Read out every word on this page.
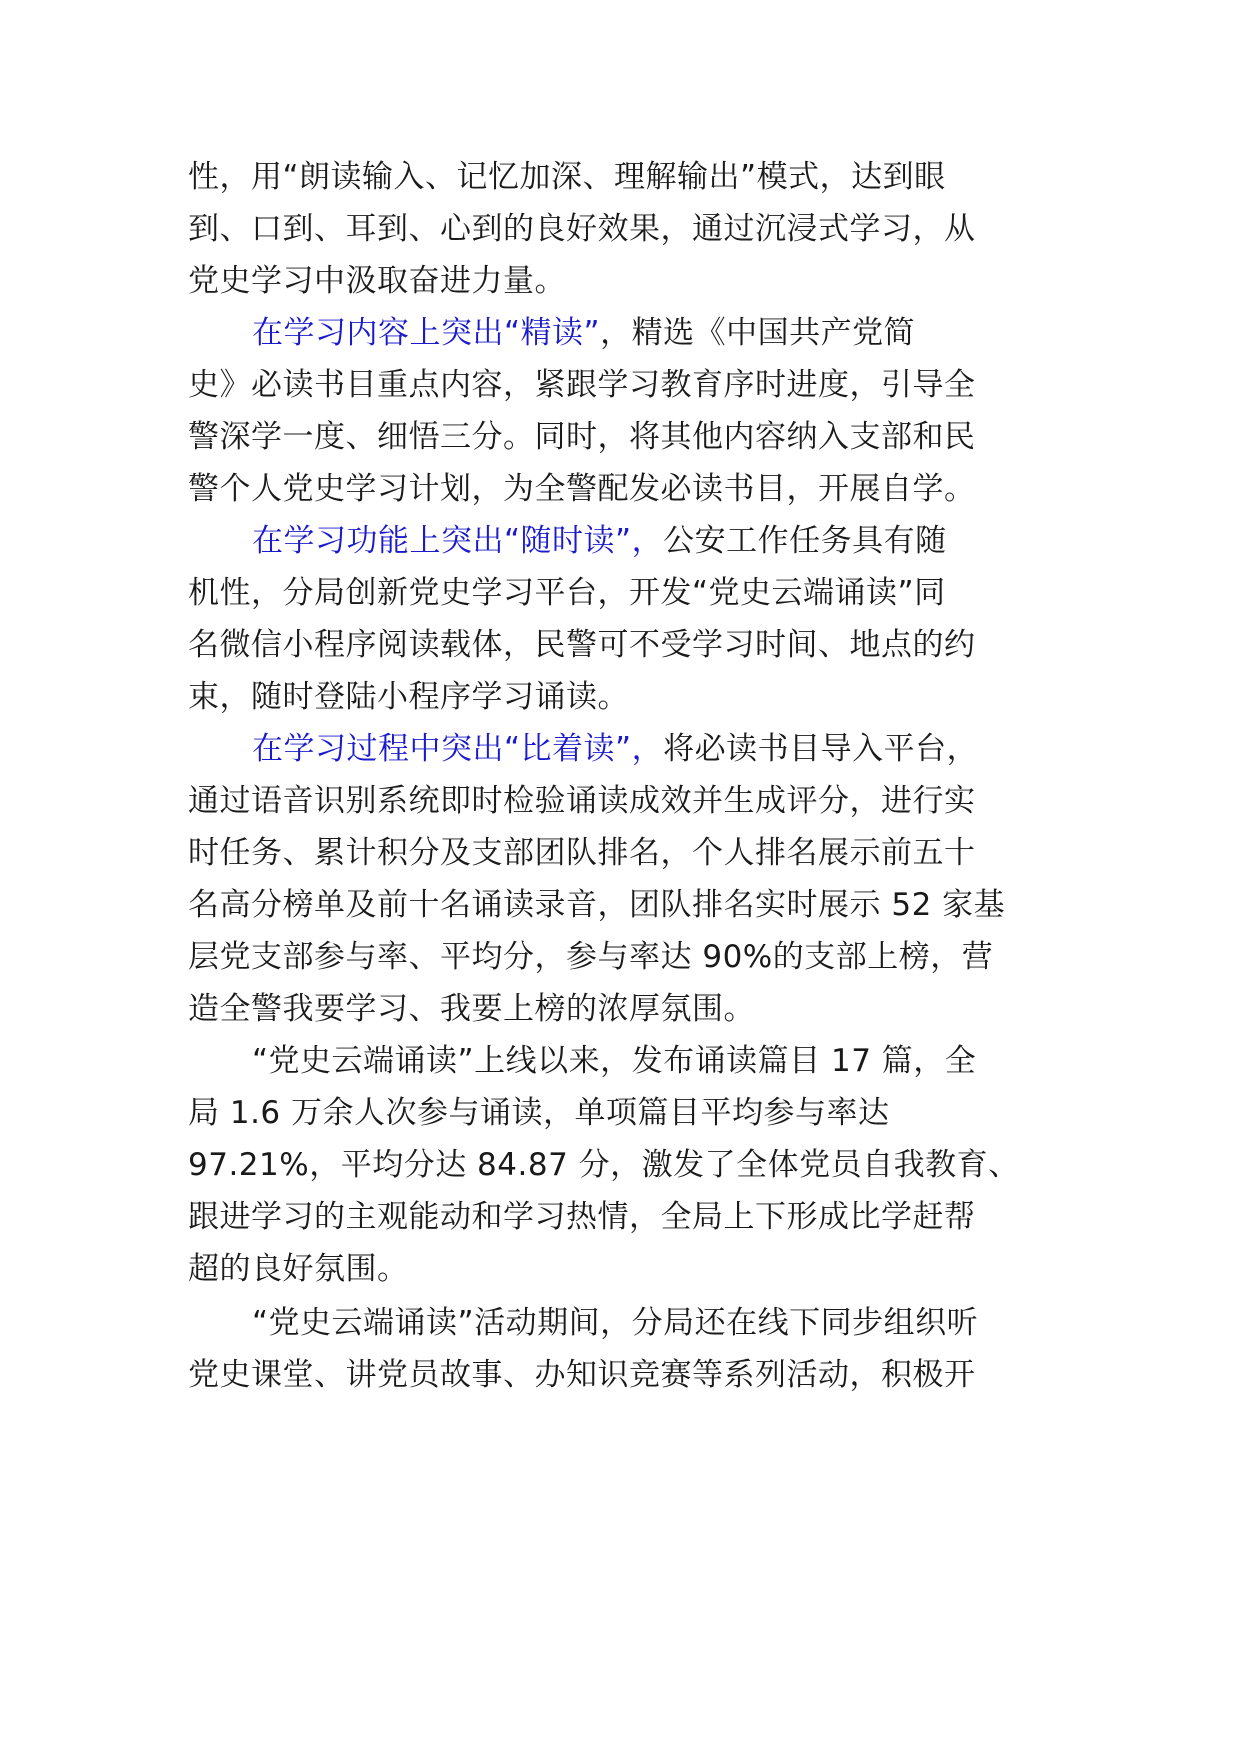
性，用“朗读输入、记忆加深、理解输出”模式，达到眼
到、口到、耳到、心到的良好效果，通过沉浸式学习，从
党史学习中汲取奋进力量。
在学习内容上突出“精读”，精选《中国共产党简
史》必读书目重点内容，紧跟学习教育序时进度，引导全
警深学一度、细悟三分。同时，将其他内容纳入支部和民
警个人党史学习计划，为全警配发必读书目，开展自学。
在学习功能上突出“随时读”，公安工作任务具有随
机性，分局创新党史学习平台，开发“党史云端诵读”同
名微信小程序阅读载体，民警可不受学习时间、地点的约
束，随时登陆小程序学习诵读。
在学习过程中突出“比着读”，将必读书目导入平台，
通过语音识别系统即时检验诵读成效并生成评分，进行实
时任务、累计积分及支部团队排名，个人排名展示前五十
名高分榜单及前十名诵读录音，团队排名实时展示 52 家基
层党支部参与率、平均分，参与率达 90%的支部上榜，营
造全警我要学习、我要上榜的浓厚氛围。
“党史云端诵读”上线以来，发布诵读篇目 17 篇，全
局 1.6 万余人次参与诵读，单项篇目平均参与率达
97.21%，平均分达 84.87 分，激发了全体党员自我教育、
跟进学习的主观能动和学习热情，全局上下形成比学赶帮
超的良好氛围。
“党史云端诵读”活动期间，分局还在线下同步组织听
党史课堂、讲党员故事、办知识竞赛等系列活动，积极开
